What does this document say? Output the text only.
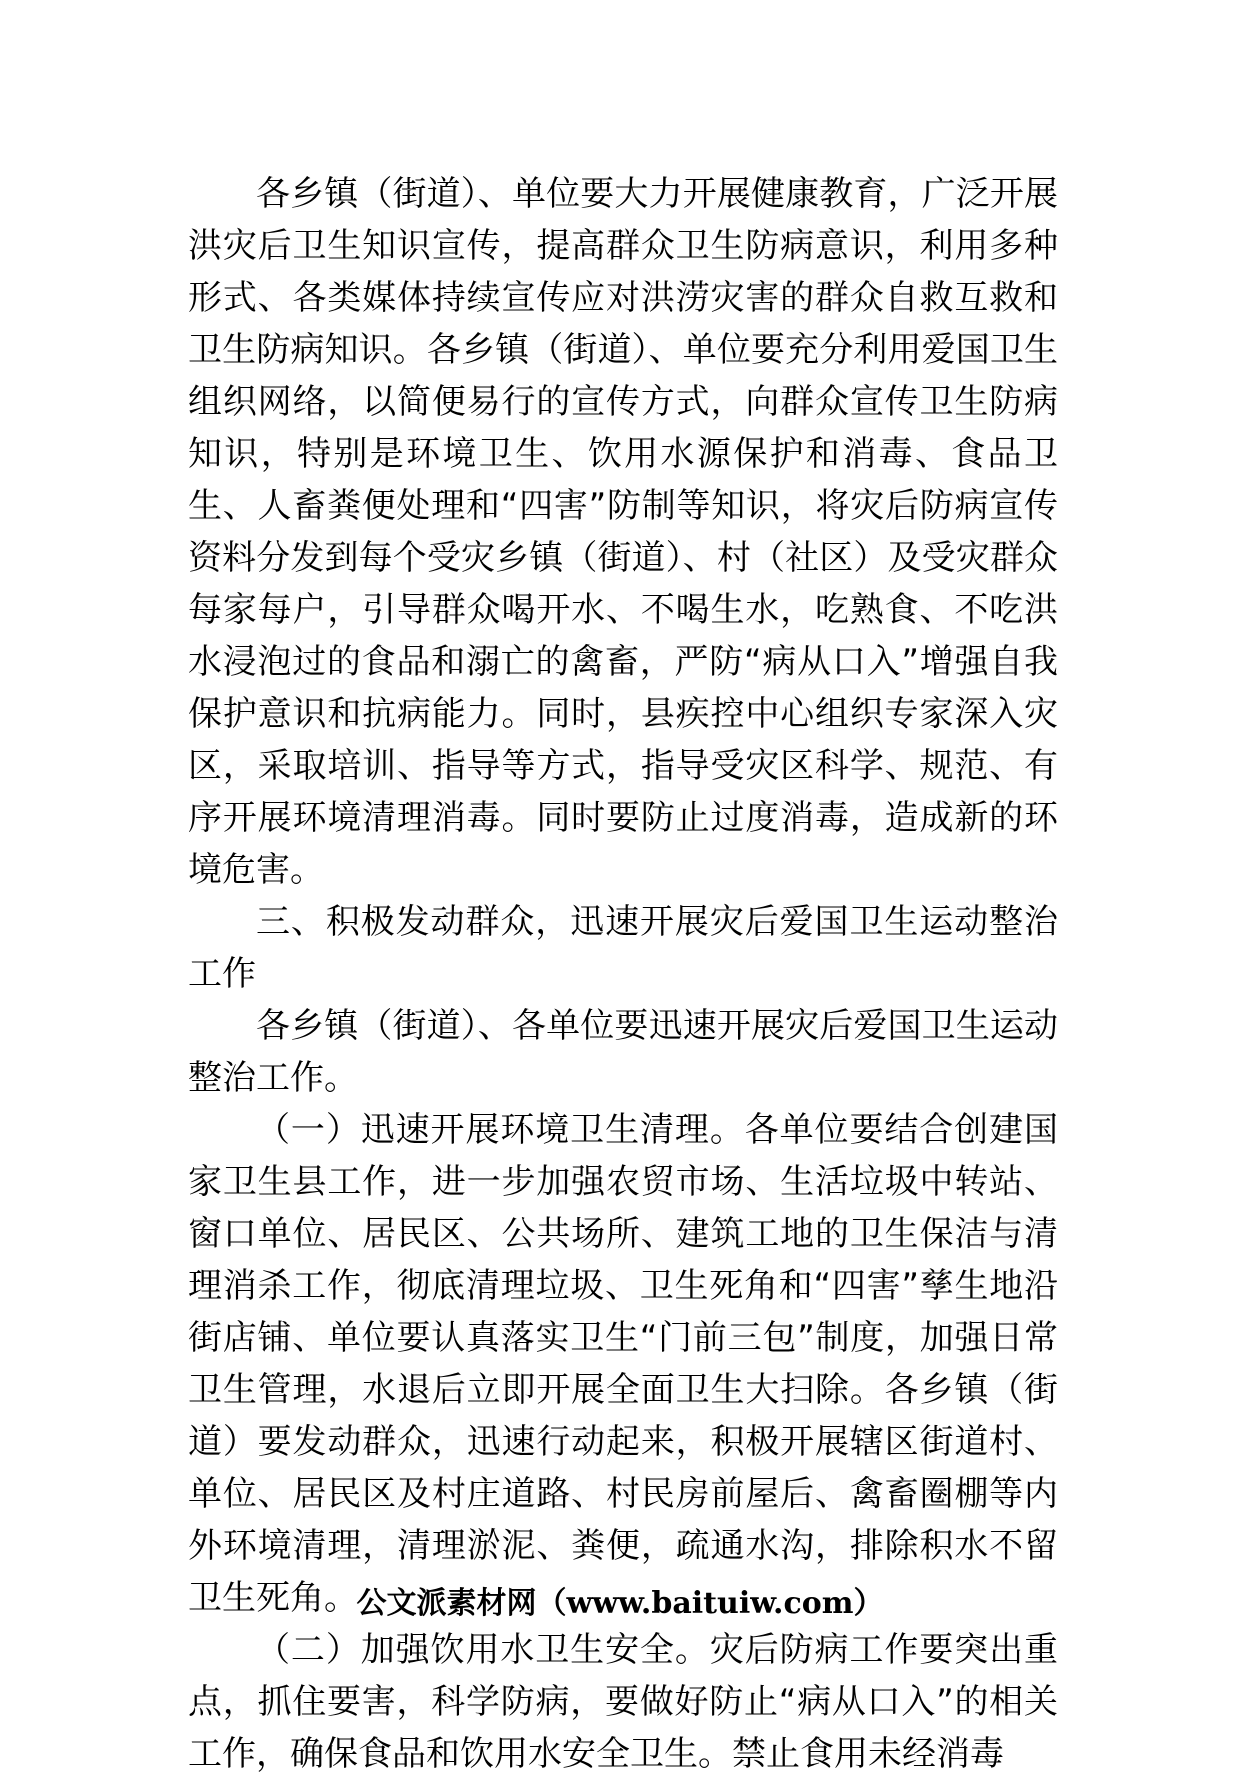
各乡镇（街道）、单位要大力开展健康教育，广泛开展洪灾后卫生知识宣传，提高群众卫生防病意识，利用多种形式、各类媒体持续宣传应对洪涝灾害的群众自救互救和卫生防病知识。各乡镇（街道）、单位要充分利用爱国卫生组织网络，以简便易行的宣传方式，向群众宣传卫生防病知识，特别是环境卫生、饮用水源保护和消毒、食品卫生、人畜粪便处理和“四害”防制等知识，将灾后防病宣传资料分发到每个受灾乡镇（街道）、村（社区）及受灾群众每家每户，引导群众喝开水、不喝生水，吃熟食、不吃洪水浸泡过的食品和溺亡的禽畜，严防“病从口入”增强自我保护意识和抗病能力。同时，县疾控中心组织专家深入灾区，采取培训、指导等方式，指导受灾区科学、规范、有序开展环境清理消毒。同时要防止过度消毒，造成新的环境危害。

三、积极发动群众，迅速开展灾后爱国卫生运动整治工作

各乡镇（街道）、各单位要迅速开展灾后爱国卫生运动整治工作。

（一）迅速开展环境卫生清理。各单位要结合创建国家卫生县工作，进一步加强农贸市场、生活垃圾中转站、窗口单位、居民区、公共场所、建筑工地的卫生保洁与清理消杀工作，彻底清理垃圾、卫生死角和“四害”孳生地沿街店铺、单位要认真落实卫生“门前三包”制度，加强日常卫生管理，水退后立即开展全面卫生大扫除。各乡镇（街道）要发动群众，迅速行动起来，积极开展辖区街道村、单位、居民区及村庄道路、村民房前屋后、禽畜圈棚等内外环境清理，清理淤泥、粪便，疏通水沟，排除积水不留卫生死角。

（二）加强饮用水卫生安全。灾后防病工作要突出重点，抓住要害，科学防病，要做好防止“病从口入”的相关工作，确保食品和饮用水安全卫生。禁止食用未经消毒

公文派素材网（www.baituiw.com）
